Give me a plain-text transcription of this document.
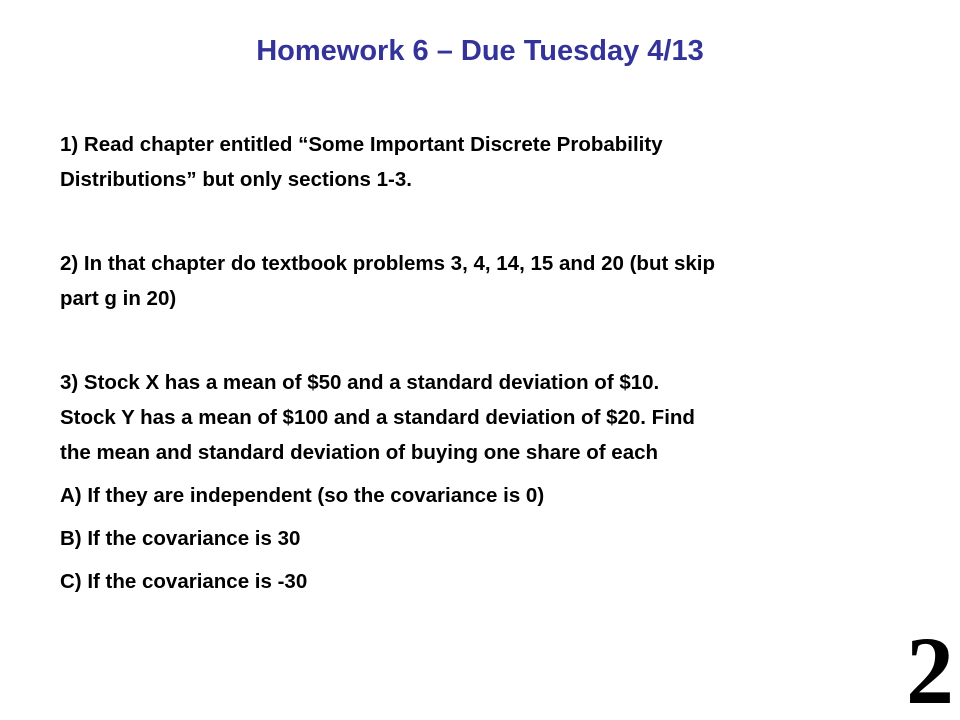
Homework 6 – Due Tuesday 4/13
1) Read chapter entitled “Some Important Discrete Probability
Distributions” but only sections 1-3.
2) In that chapter do textbook problems 3, 4, 14, 15 and 20 (but skip
part g in 20)
3) Stock X has a mean of $50 and a standard deviation of $10.
Stock Y has a mean of $100 and a standard deviation of $20. Find
the mean and standard deviation of buying one share of each
A) If they are independent (so the covariance is 0)
B) If the covariance is 30
C) If the covariance is -30
2
